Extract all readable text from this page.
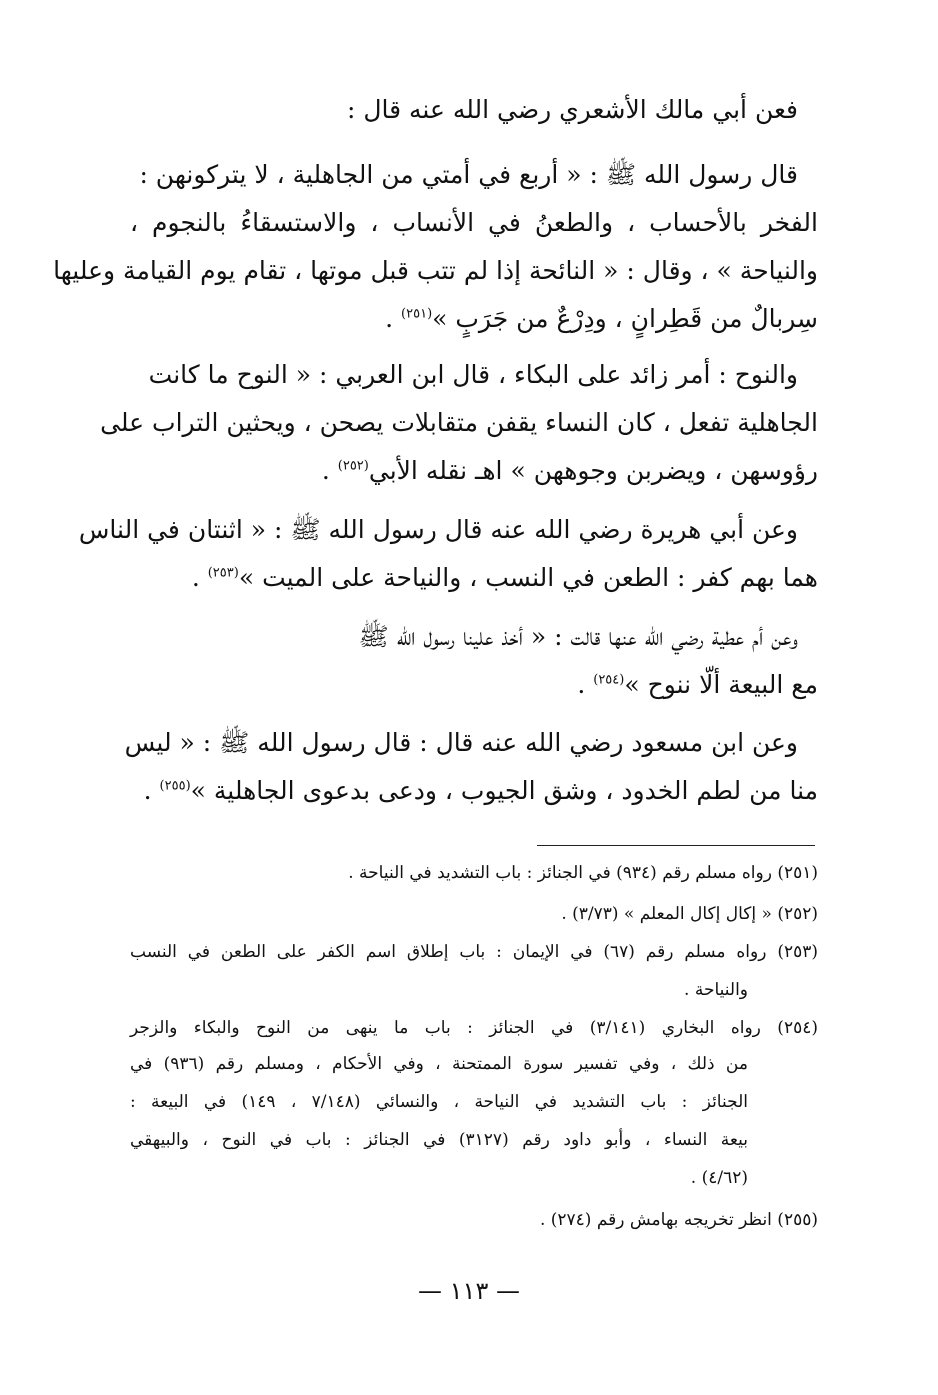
فعن أبي مالك الأشعري رضي الله عنه قال :
قال رسول الله ﷺ : « أربع في أمتي من الجاهلية ، لا يتركونهن :
الفخر بالأحساب ، والطعنُ في الأنساب ، والاستسقاءُ بالنجوم ،
والنياحة » ، وقال : « النائحة إذا لم تتب قبل موتها ، تقام يوم القيامة وعليها
سِربالٌ من قَطِرانٍ ، ودِرْعٌ من جَرَبٍ »$^{(٢٥١)}$ .
والنوح : أمر زائد على البكاء ، قال ابن العربي : « النوح ما كانت
الجاهلية تفعل ، كان النساء يقفن متقابلات يصحن ، ويحثين التراب على
رؤوسهن ، ويضربن وجوههن » اهـ نقله الأبي$^{(٢٥٢)}$ .
وعن أبي هريرة رضي الله عنه قال رسول الله ﷺ : « اثنتان في الناس
هما بهم كفر : الطعن في النسب ، والنياحة على الميت »$^{(٢٥٣)}$ .
وعن أم عطية رضي الله عنها قالت : « أخذ علينا رسول الله ﷺ
مع البيعة ألّا ننوح »$^{(٢٥٤)}$ .
وعن ابن مسعود رضي الله عنه قال : قال رسول الله ﷺ : « ليس
منا من لطم الخدود ، وشق الجيوب ، ودعى بدعوى الجاهلية »$^{(٢٥٥)}$ .
(٢٥١) رواه مسلم رقم (٩٣٤) في الجنائز : باب التشديد في النياحة .
(٢٥٢) « إكال إكال المعلم » (٣/٧٣) .
(٢٥٣) رواه مسلم رقم (٦٧) في الإيمان : باب إطلاق اسم الكفر على الطعن في النسب
والنياحة .
(٢٥٤) رواه البخاري (٣/١٤١) في الجنائز : باب ما ينهى من النوح والبكاء والزجر
من ذلك ، وفي تفسير سورة الممتحنة ، وفي الأحكام ، ومسلم رقم (٩٣٦) في
الجنائز : باب التشديد في النياحة ، والنسائي (٧/١٤٨ ، ١٤٩) في البيعة :
بيعة النساء ، وأبو داود رقم (٣١٢٧) في الجنائز : باب في النوح ، والبيهقي
(٤/٦٢) .
(٢٥٥) انظر تخريجه بهامش رقم (٢٧٤) .
— ١١٣ —
